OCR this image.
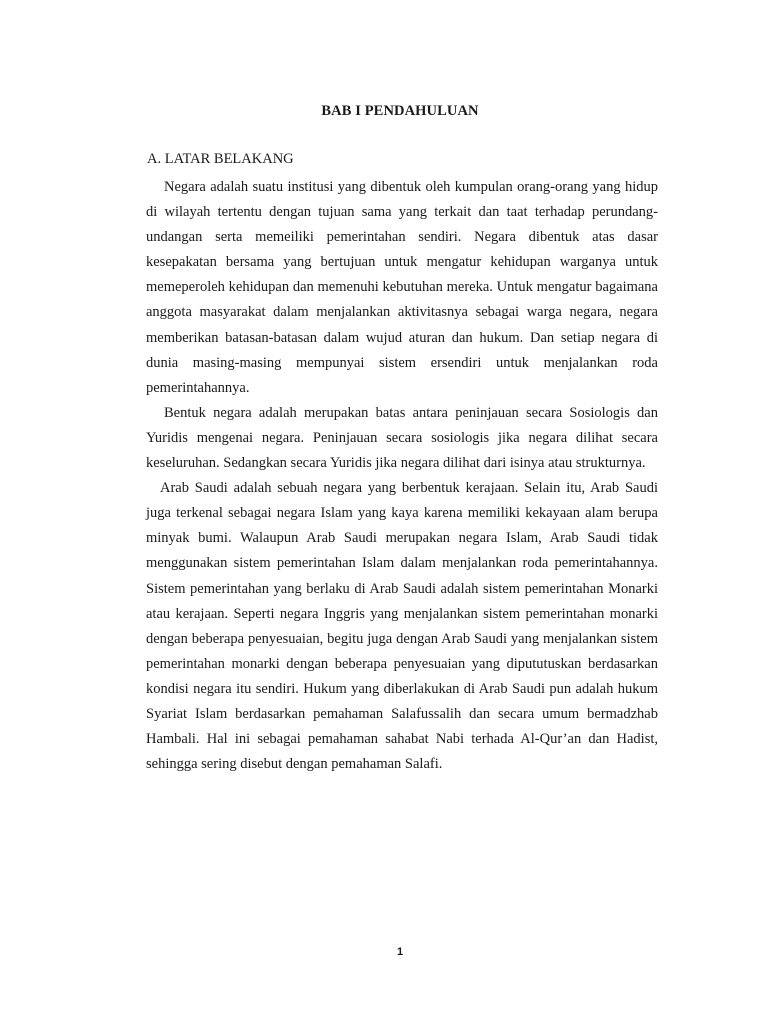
BAB I PENDAHULUAN
A. LATAR BELAKANG

Negara adalah suatu institusi yang dibentuk oleh kumpulan orang-orang yang hidup di wilayah tertentu dengan tujuan sama yang terkait dan taat terhadap perundang-undangan serta memeiliki pemerintahan sendiri. Negara dibentuk atas dasar kesepakatan bersama yang bertujuan untuk mengatur kehidupan warganya untuk memeperoleh kehidupan dan memenuhi kebutuhan mereka. Untuk mengatur bagaimana anggota masyarakat dalam menjalankan aktivitasnya sebagai warga negara, negara memberikan batasan-batasan dalam wujud aturan dan hukum. Dan setiap negara di dunia masing-masing mempunyai sistem ersendiri untuk menjalankan roda pemerintahannya.

Bentuk negara adalah merupakan batas antara peninjauan secara Sosiologis dan Yuridis mengenai negara. Peninjauan secara sosiologis jika negara dilihat secara keseluruhan. Sedangkan secara Yuridis jika negara dilihat dari isinya atau strukturnya.

Arab Saudi adalah sebuah negara yang berbentuk kerajaan. Selain itu, Arab Saudi juga terkenal sebagai negara Islam yang kaya karena memiliki kekayaan alam berupa minyak bumi. Walaupun Arab Saudi merupakan negara Islam, Arab Saudi tidak menggunakan sistem pemerintahan Islam dalam menjalankan roda pemerintahannya. Sistem pemerintahan yang berlaku di Arab Saudi adalah sistem pemerintahan Monarki atau kerajaan. Seperti negara Inggris yang menjalankan sistem pemerintahan monarki dengan beberapa penyesuaian, begitu juga dengan Arab Saudi yang menjalankan sistem pemerintahan monarki dengan beberapa penyesuaian yang dipututuskan berdasarkan kondisi negara itu sendiri. Hukum yang diberlakukan di Arab Saudi pun adalah hukum Syariat Islam berdasarkan pemahaman Salafussalih dan secara umum bermadzhab Hambali. Hal ini sebagai pemahaman sahabat Nabi terhada Al-Qur’an dan Hadist, sehingga sering disebut dengan pemahaman Salafi.

1
